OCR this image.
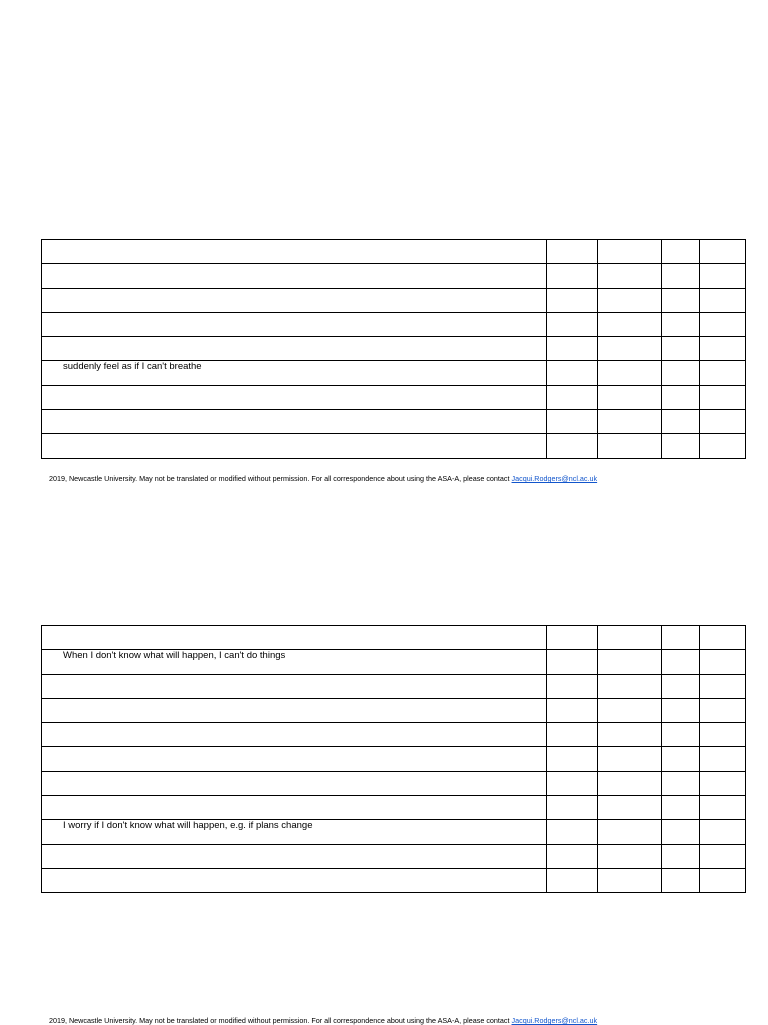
suddenly feel as if I can't breathe				

2019, Newcastle University. May not be translated or modified without permission. For all correspondence about using the ASA-A, please contact Jacqui.Rodgers@ncl.ac.uk

When I don't know what will happen, I can't do things				

I worry if I don't know what will happen, e.g. if plans change				

2019, Newcastle University. May not be translated or modified without permission. For all correspondence about using the ASA-A, please contact Jacqui.Rodgers@ncl.ac.uk
